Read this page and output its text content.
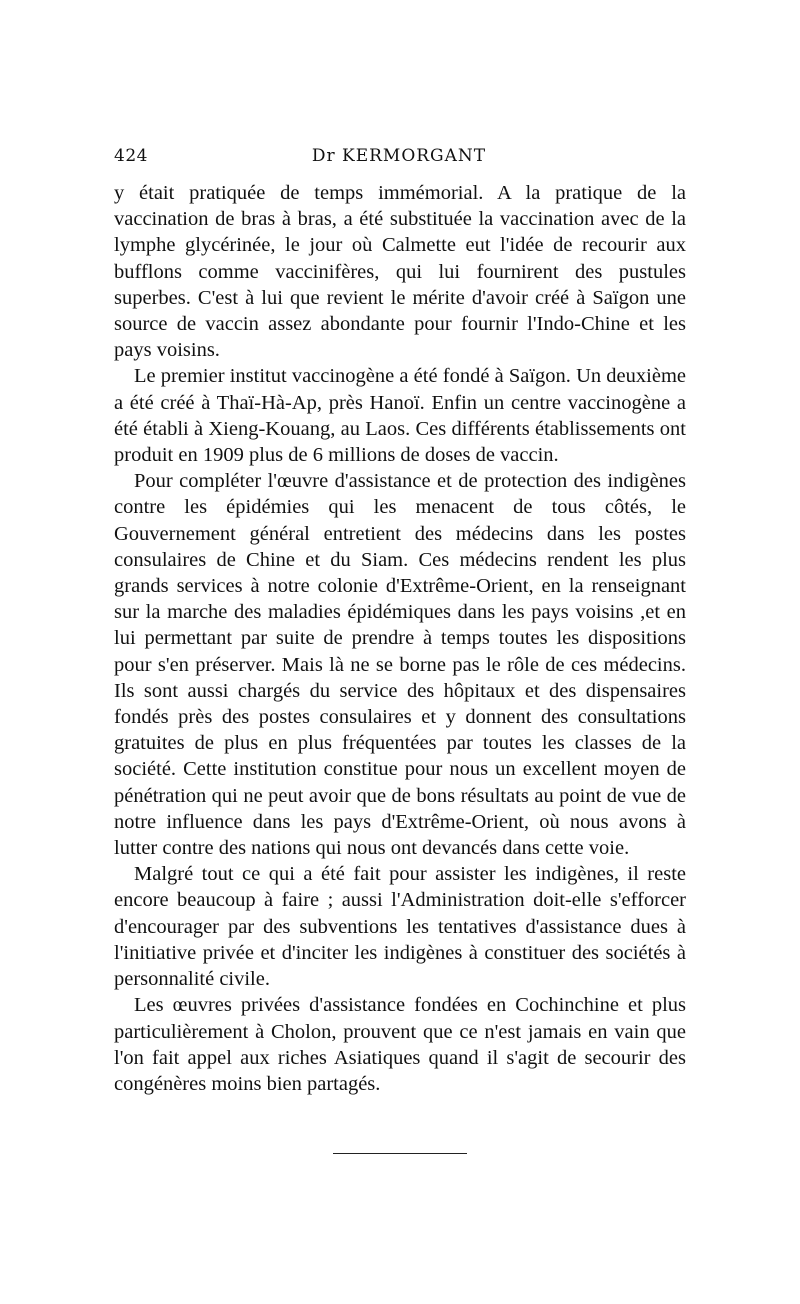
424	Dr KERMORGANT

y était pratiquée de temps immémorial. A la pratique de la vaccination de bras à bras, a été substituée la vaccination avec de la lymphe glycérinée, le jour où Calmette eut l'idée de recourir aux bufflons comme vaccinifères, qui lui fournirent des pustules superbes. C'est à lui que revient le mérite d'avoir créé à Saïgon une source de vaccin assez abondante pour fournir l'Indo-Chine et les pays voisins.

Le premier institut vaccinogène a été fondé à Saïgon. Un deuxième a été créé à Thaï-Hà-Ap, près Hanoï. Enfin un centre vaccinogène a été établi à Xieng-Kouang, au Laos. Ces différents établissements ont produit en 1909 plus de 6 millions de doses de vaccin.

Pour compléter l'œuvre d'assistance et de protection des indigènes contre les épidémies qui les menacent de tous côtés, le Gouvernement général entretient des médecins dans les postes consulaires de Chine et du Siam. Ces médecins rendent les plus grands services à notre colonie d'Extrême-Orient, en la renseignant sur la marche des maladies épidémiques dans les pays voisins ,et en lui permettant par suite de prendre à temps toutes les dispositions pour s'en préserver. Mais là ne se borne pas le rôle de ces médecins. Ils sont aussi chargés du service des hôpitaux et des dispensaires fondés près des postes consulaires et y donnent des consultations gratuites de plus en plus fréquentées par toutes les classes de la société. Cette institution constitue pour nous un excellent moyen de pénétration qui ne peut avoir que de bons résultats au point de vue de notre influence dans les pays d'Extrême-Orient, où nous avons à lutter contre des nations qui nous ont devancés dans cette voie.

Malgré tout ce qui a été fait pour assister les indigènes, il reste encore beaucoup à faire ; aussi l'Administration doit-elle s'efforcer d'encourager par des subventions les tentatives d'assistance dues à l'initiative privée et d'inciter les indigènes à constituer des sociétés à personnalité civile.

Les œuvres privées d'assistance fondées en Cochinchine et plus particulièrement à Cholon, prouvent que ce n'est jamais en vain que l'on fait appel aux riches Asiatiques quand il s'agit de secourir des congénères moins bien partagés.
